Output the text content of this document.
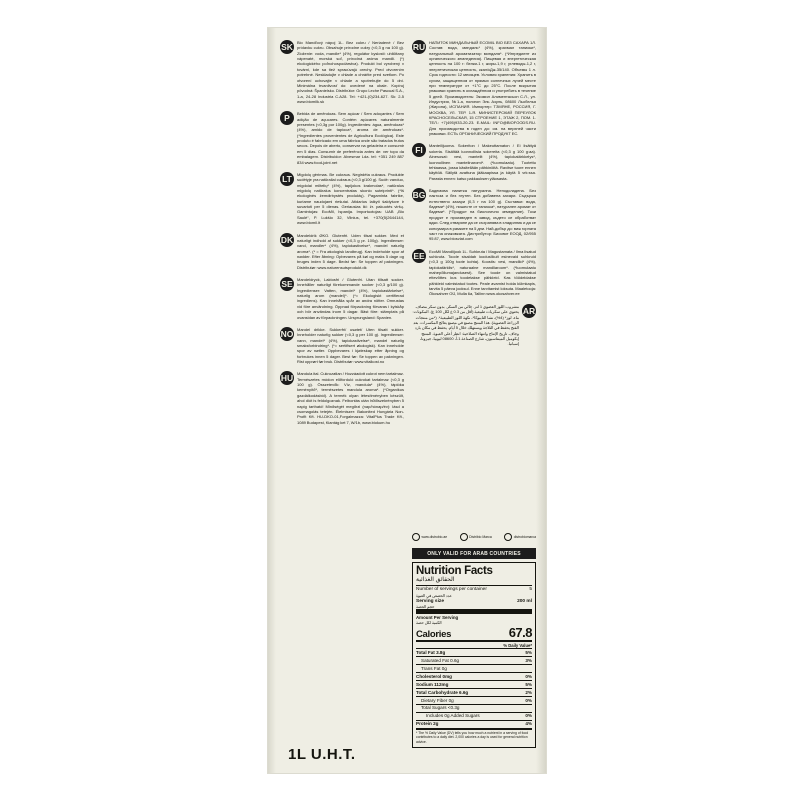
SK Bio Mandľový nápoj 1L. Bez cukru / Neriadené / Bez prídavku cukru. Obsahuje prírodne cukry (<0,3 g na 100 g). Zloženie: voda, mandle* (4%), regulátor kyslosti: uhličitany vápenaté, morská soľ, prírodná aróma mandlí. (*) ekologického poľnohospodárstva). Produkt bol vyrobený v továrni, kde sa tiež spracúvajú orechy. Pred otvorením potrebné. Neskladujte v chlade a chráňte pred svetlom. Po otvorení uchovajte v chlade a spotrebujte do 5 dní. Minimálna trvanlivosť do: uvedené na obale. Kopíruj pôvodná: Španielsko. Distribútor: Grupo Leche Pascual S.A., 1-a, 24-28 Industria C.A28. Tel: +421-(0)234-627. Sk: 2-5 www.biomilk.sk
P	Bebida de amêndoas. Sem açúcar / Sem adoçantes / Sem adição de açucares. Contém açúcares naturalmente presentes (<0,3g por 100g). Ingredientes: água, amêndoas* (4%), amido de tapioca*, aroma de amêndoas*. (*Ingredientes provenientes de Agricultura Ecológica). Este produto é fabricado em uma fábrica onde são tratados frutos secos. Depois de aberto, conservar na geladeira e consumir em 5 dias. Consumir de preferência antes de: ver topo da embalagem. Distribuidor: Alvesmar Lda. tel: +351 249 887 834 www.food-joint.net
LT	Migdolų gėrimas. Be cukraus. Negirdėta cukraus. Produkte sudėtyje yra natūraliai cukraus (<0,3 g/100 g). Sudė: vanduo, migdolai miltelių* (4%), tapijokos krakmolas*, natūralus migdolų natūralus koncentratas skonio suteiprinti*. (*Iš ekologinės žemdirbystės produktų). Pagaminta fabrike, kuriame naudojami riešutai. Atidarius laikyti šaldytuve ir suvartoti per 5 dienas. Geriausias iki: žr. pakuotės viršų. Gamintojas: EcoMil, Ispanija. Importuotojas: UAB „Bio Saulė“, P. Lukšio 32, Vilnius, tel. +370(5)2644144, www.biomil.lt
DK Mandeldrik ØKO. Glutenfri. Uden tilsat sukker. Med et naturligt indhold af sukker (<0,3 g pr. 100g). Ingredienser: vand, mandler* (4%), tapiokastivelse*, mandel naturlig aroma*. (* = Fra økologisk landbrug). Kan indeholde spor af nødder. Efter åbning: Opbevares på køl og maks 5 dage og bruges inden 5 dage. Bedst før: Se toppen af pakningen. Distributør: www.naturensutsprodukt.dk
SE	Mandeldryck, Laktosfri / Glutenfri. Utan tillsatt socker. Innehåller naturligt förekommande socker (<0,3 g/100 g). Ingredienser: Vatten, mandel* (4%), tapiokastärkelse*, naturlig arom (mandel)*. (*= Ekologiskt certifierad ingrediens). Kan innehålla spår av andra nötter. Omrustas vid före användning. Öppnad förpackning förvaras i kylskåp och bör användas inom 5 dagar. Bäst före: stämplats på ovansidan av förpackningen. Ursprungsland: Spanien.
NO Mandel drikke. Sukkerfri/ usøtet/ Uten tilsatt sukker. Inneholder naturlig sukker (<0,3 g per 100 g). Ingredienser: vann, mandel* (4%), tapiokastivelse*, mandel naturlig smaksforbindring*. (*= sertifisert økologisk). Kan inneholde spor av nøtter. Oppbevares i kjøleskap etter åpning og forbrukes innen 5 dager. Best før: Se toppen av pakningen. Rist opprørt før bruk. Distributør: www.vitalkost.no
HU Mandula ital. Cukrozatlan / Hozzáadott cukrot nem tartalmaz. Természetes módon előforduló cukrokat tartalmaz (<0,3 g 100 g). Összetevők: Víz, mandula* (4%), tápióka keményítő*, természetes mandula aroma*. (*Organikus gazdálkodásból). A termék olyan létesítményben készült, ahol diót is feldolgoznak. Felbontás után hűtőszekrényben 5 napig tartható! Minőségét megőrzi (nap/hónap/év): lásd a csomagolás tetején. Élelmiszer: Bakonited Hungária Non-Profit Kft. HU-DKO-01,Forgalmazza: VitalPlus Trade Kft., 1089 Budapest, Kiantág ket 7, W/1b, www.biokum.hu
RU НАПИТОК МИНДАЛЬНЫЙ ECOMIL BIO БЕЗ САХАРА 1Л. Состав: вода, миндаль* (4%), крахмал тапиоки*, натуральный ароматизатор миндаля*. (*Ингредиент из органического земледелия). Пищевая и энергетическая ценность на 100 г: белки-1 г, жиры-1,9 г, углеводы-1,2 г, энергетическая ценность, ккал/кДж-35/140. Объемы 1 л. Срок годности: 12 месяцев. Условия хранения: Хранить в сухом, защищенном от прямых солнечных лучей месте при температуре от +1°С до 25°С. После вскрытия упаковки хранить в охлаждённом и употребить в течение 5 дней. Производитель: Экомил Алиментасьон С.Л., ул. Индустрия, №1-а, полигон Эль Азуль, 08600 Льобелья (Жирона), ИСПАНИЯ. Импортер: ТЗМЯНЕ, РОССИЯ, Г. МОСКВА, УЛ. ТЕР. 1-Я. МИНИСТЕРСКИЙ ПЕРЕУЛОК КРАСНОСЕЛЬСКАЯ, 15 СТРОЕНИЕ 1, ЭТАЖ 2, ПОМ. 1. ТЕЛ.: +7(495)933-20-23. E-MAIL: INFO@BIOFOODS.RU. Для производства в годен до: см. на верхней части упаковки. ЕСТЬ ОРГАНИЧЕСКИЙ ПРОДУКТ ЕС.
FI	Manteilijuoma. Sokeriton / Makeuttamaton / Ei lisättyä sokeria. Sisältää luonnollisia sokereita (<0,3 g 100 g:aa). Ainesosat: vesi, mantelit (4%), tapiokatärkkelys*, luonnollinen mantelinaromi*. (*luomulaatu). Tuotettu tehtaassa, jossa käsitellään pähkinöitä. Ravitse tuore ennen käyttöä. Säilytä avattuna jääkaapissa ja käytä 5 vrk:ssa. Parasta ennen: katso pakkauksen yläosasta.
BG Бадемова напитка натурална. Неподсладена. Без лактоза и без глутен. Без добавена захари. Съдържа естествено захари (0,3 г на 100 g). Съставки: вода, бадеми* (4%), нишесте от тапиока*, натурален аромат от бадеми*. (*Продукт на биологично земеделие). Този продукт е произведен в завод, където се обработват ядки. След отваряне да се съхранява в хладилник и да се консумира в рамките на 5 дни. Най-добър до: виж горната част на опаковката. Дистрибутор: Биосвят ЕООД, 02/955 95 87, www.biosviat.com
EE	EcoMil Mandlijook 1L. Suhkruta / Magustamata / Ilma lisatud suhkruta. Toode sisaldab looduslikult esinevaid suhkruid (<0,3 g 100g toote kohta). Koostis: vesi, mandlid* (4%), tapiokatärklis*, naturaalne mandliaroom*. (*luomulaatu mahepõllumajandusest). See toode on valmistatud ettevõttes kus toodetakse pähkleid. Kas töödeldakse pähkleid valmistatud tootes. Peale avamist hoida külmkapis, tarvita 5 päeva jooksul. Enne tarvitamist loksuta. Maaletooja: Ökosahver OÜ, Mulla 6a, Tallinn www.okosahver.ee
AR
مشروب اللوز العضوي 1 لتر. خالي من السكر. بدون سكر مضاف. يحتوي على سكريات طبيعية (أقل من 0.3 غ لكل 100 غ). المكونات: ماء، لوز* (4%)، نشا التابيوكا*، نكهة اللوز الطبيعية*. (*من منتجات الزراعة العضوية). هذا المنتج مصنع في مصنع يعالج المكسرات. بعد الفتح يحفظ في الثلاجة ويستهلك خلال 5 أيام. يحفظ في مكان بارد وجاف. تاريخ الإنتاج وانتهاء الصلاحية: انظر أعلى العبوة. المنتج: إيكوميل ألمينتاسيون، شارع الصناعة 1-أ، 08600 ليوبيا، جيرونا، إسبانيا.
www.distrobio.ae	Distribio Marca	distrobiomarca
ONLY VALID FOR ARAB COUNTRIES
Nutrition Facts
الحقائق الغذائية
Number of servings per container	5
عدد الحصص في العبوة
Serving size	200 ml
حجم الحصة
Amount Per Serving
الكمية لكل حصة
Calories	67.8
% Daily Value*
Total Fat 3.8g	5%
Saturated Fat 0.6g	3%
Trans Fat 0g
Cholesterol 0mg	0%
Sodium 112mg	5%
Total Carbohydrate 6.6g	2%
Dietary Fiber 0g	0%
Total Sugars <0.3g
Includes 0g Added Sugars	0%
Protein 2g	4%
* The % Daily Value (DV) tells you how much a nutrient in a serving of food contributes to a daily diet. 2,000 calories a day is used for general nutrition advice.
1L U.H.T.
